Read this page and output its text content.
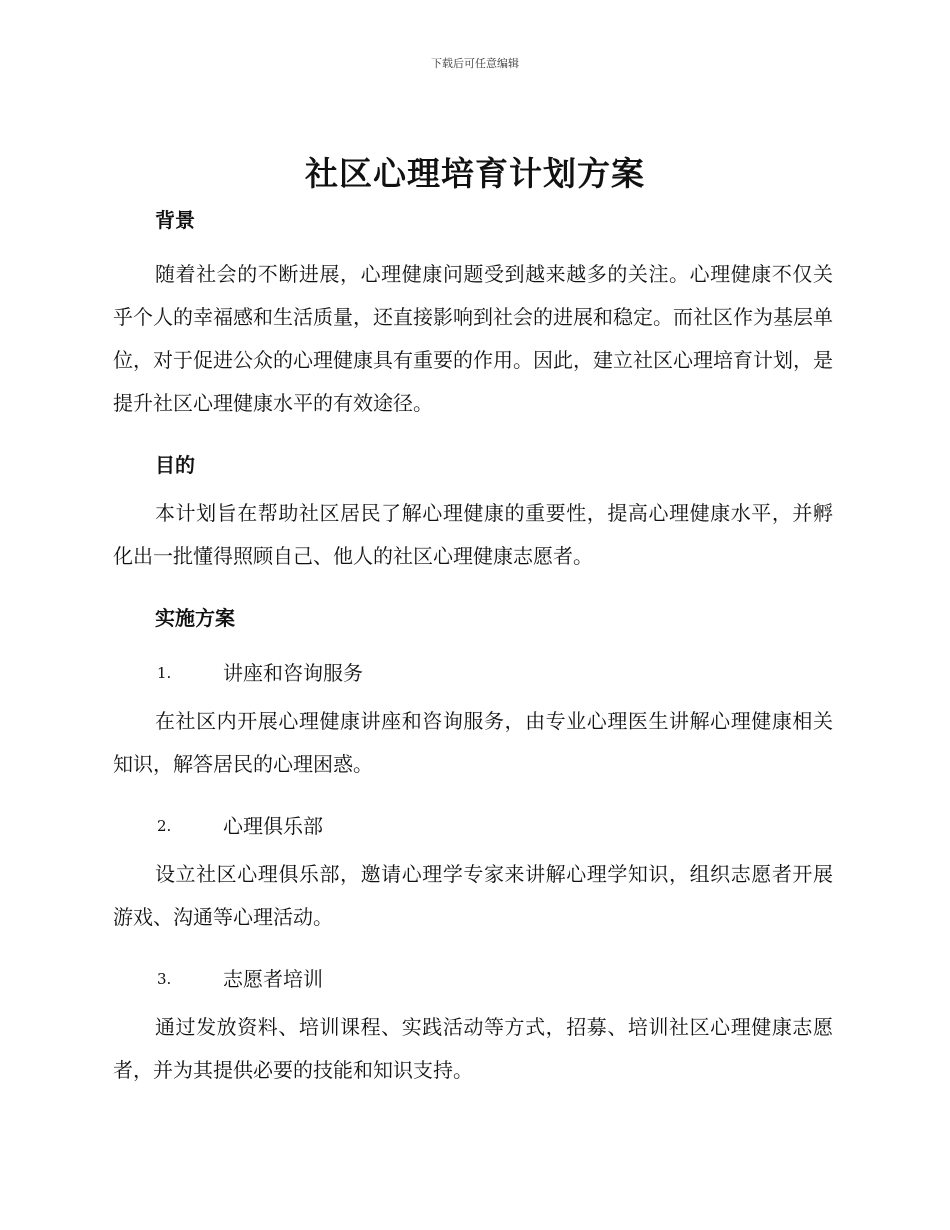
下载后可任意编辑
社区心理培育计划方案
背景

随着社会的不断进展，心理健康问题受到越来越多的关注。心理健康不仅关乎个人的幸福感和生活质量，还直接影响到社会的进展和稳定。而社区作为基层单位，对于促进公众的心理健康具有重要的作用。因此，建立社区心理培育计划，是提升社区心理健康水平的有效途径。

目的

本计划旨在帮助社区居民了解心理健康的重要性，提高心理健康水平，并孵化出一批懂得照顾自己、他人的社区心理健康志愿者。

实施方案
1.	讲座和咨询服务

在社区内开展心理健康讲座和咨询服务，由专业心理医生讲解心理健康相关知识，解答居民的心理困惑。

2.	心理俱乐部

设立社区心理俱乐部，邀请心理学专家来讲解心理学知识，组织志愿者开展游戏、沟通等心理活动。

3.	志愿者培训

通过发放资料、培训课程、实践活动等方式，招募、培训社区心理健康志愿者，并为其提供必要的技能和知识支持。
